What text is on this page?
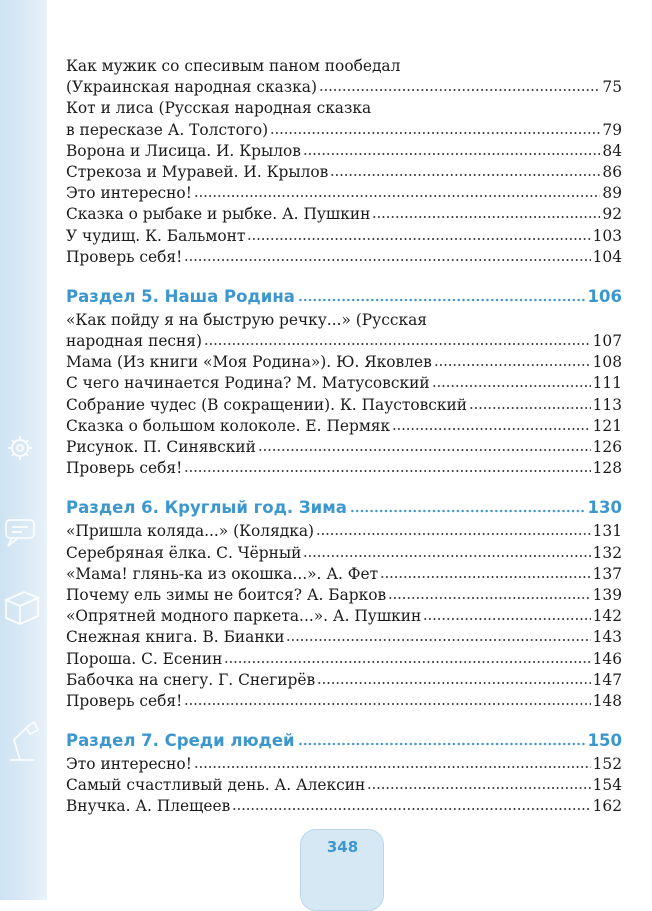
Как мужик со спесивым паном пообедал
(Украинская народная сказка)	75
Кот и лиса (Русская народная сказка
в пересказе А. Толстого)	79
Ворона и Лисица. И. Крылов	84
Стрекоза и Муравей. И. Крылов	86
Это интересно!	89
Сказка о рыбаке и рыбке. А. Пушкин	92
У чудищ. К. Бальмонт	103
Проверь себя!	104
Раздел 5. Наша Родина	106
«Как пойду я на быструю речку...» (Русская
народная песня)	107
Мама (Из книги «Моя Родина»). Ю. Яковлев	108
С чего начинается Родина? М. Матусовский	111
Собрание чудес (В сокращении). К. Паустовский	113
Сказка о большом колоколе. Е. Пермяк	121
Рисунок. П. Синявский	126
Проверь себя!	128
Раздел 6. Круглый год. Зима	130
«Пришла коляда...» (Колядка)	131
Серебряная ёлка. С. Чёрный	132
«Мама! глянь-ка из окошка...». А. Фет	137
Почему ель зимы не боится? А. Барков	139
«Опрятней модного паркета...». А. Пушкин	142
Снежная книга. В. Бианки	143
Пороша. С. Есенин	146
Бабочка на снегу. Г. Снегирёв	147
Проверь себя!	148
Раздел 7. Среди людей	150
Это интересно!	152
Самый счастливый день. А. Алексин	154
Внучка. А. Плещеев	162
348
